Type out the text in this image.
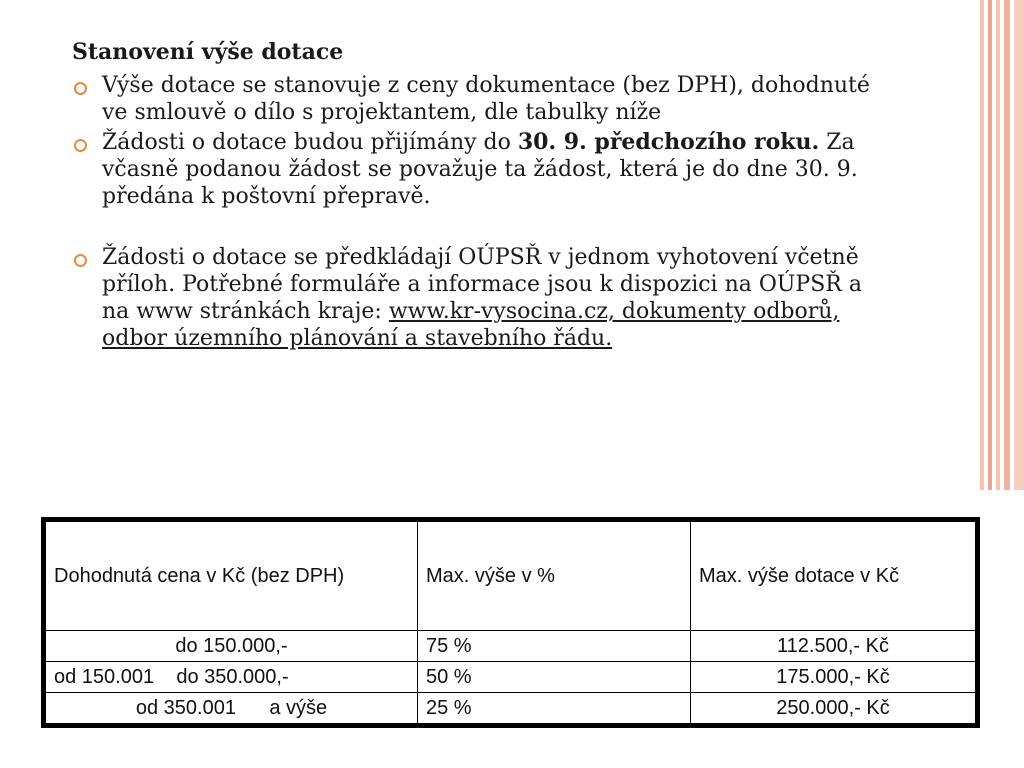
Stanovení výše dotace
Výše dotace se stanovuje z ceny dokumentace (bez DPH), dohodnuté ve smlouvě o dílo s projektantem, dle tabulky níže
Žádosti o dotace budou přijímány do 30. 9. předchozího roku. Za včasně podanou žádost se považuje ta žádost, která je do dne 30. 9. předána k poštovní přepravě.
Žádosti o dotace se předkládají OÚPSŘ v jednom vyhotovení včetně příloh. Potřebné formuláře a informace jsou k dispozici na OÚPSŘ a na www stránkách kraje: www.kr-vysocina.cz, dokumenty odborů, odbor územního plánování a stavebního řádu.
Dohodnutá cena v Kč (bez DPH)	Max. výše v %	Max. výše dotace v Kč
do 150.000,-	75 %	112.500,- Kč
od 150.001    do 350.000,-	50 %	175.000,- Kč
od 350.001      a výše	25 %	250.000,- Kč
